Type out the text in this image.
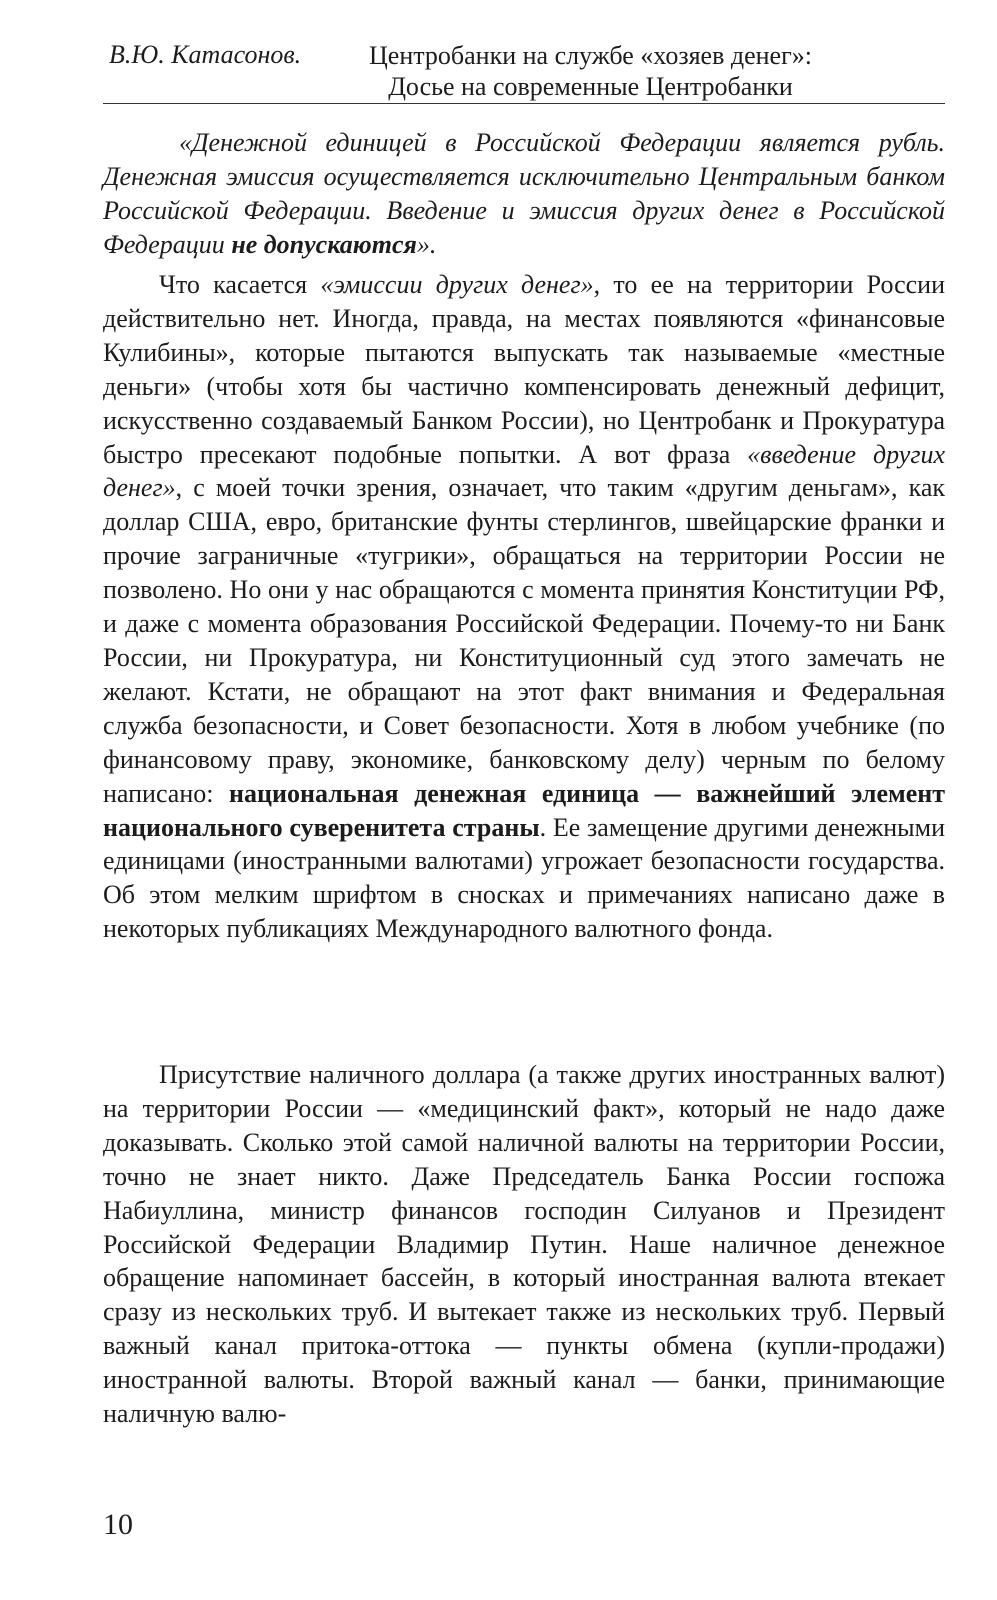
В.Ю. Катасонов.	Центробанки на службе «хозяев денег»:
Досье на современные Центробанки

«Денежной единицей в Российской Федерации является рубль. Денежная эмиссия осуществляется исключительно Центральным банком Российской Федерации. Введение и эмиссия других денег в Российской Федерации не допускаются».

Что касается «эмиссии других денег», то ее на территории России действительно нет. Иногда, правда, на местах появляются «финансовые Кулибины», которые пытаются выпускать так называемые «местные деньги» (чтобы хотя бы частично компенсировать денежный дефицит, искусственно создаваемый Банком России), но Центробанк и Прокуратура быстро пресекают подобные попытки. А вот фраза «введение других денег», с моей точки зрения, означает, что таким «другим деньгам», как доллар США, евро, британские фунты стерлингов, швейцарские франки и прочие заграничные «тугрики», обращаться на территории России не позволено. Но они у нас обращаются с момента принятия Конституции РФ, и даже с момента образования Российской Федерации. Почему-то ни Банк России, ни Прокуратура, ни Конституционный суд этого замечать не желают. Кстати, не обращают на этот факт внимания и Федеральная служба безопасности, и Совет безопасности. Хотя в любом учебнике (по финансовому праву, экономике, банковскому делу) черным по белому написано: национальная денежная единица — важнейший элемент национального суверенитета страны. Ее замещение другими денежными единицами (иностранными валютами) угрожает безопасности государства. Об этом мелким шрифтом в сносках и примечаниях написано даже в некоторых публикациях Международного валютного фонда.

Присутствие наличного доллара (а также других иностранных валют) на территории России — «медицинский факт», который не надо даже доказывать. Сколько этой самой наличной валюты на территории России, точно не знает никто. Даже Председатель Банка России госпожа Набиуллина, министр финансов господин Силуанов и Президент Российской Федерации Владимир Путин. Наше наличное денежное обращение напоминает бассейн, в который иностранная валюта втекает сразу из нескольких труб. И вытекает также из нескольких труб. Первый важный канал притока-оттока — пункты обмена (купли-продажи) иностранной валюты. Второй важный канал — банки, принимающие наличную валю-

10
